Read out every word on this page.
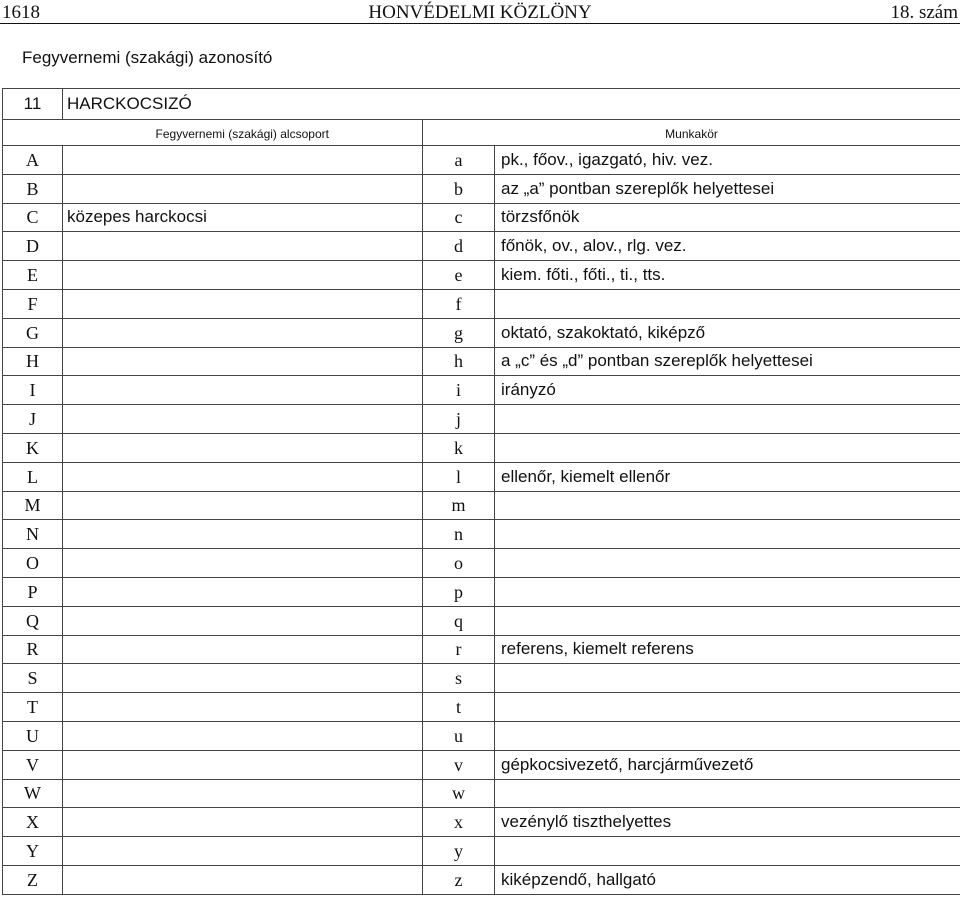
1618	HONVÉDELMI KÖZLÖNY	18. szám
Fegyvernemi (szakági) azonosító
11	HARCKOCSIZÓ		
	Fegyvernemi (szakági) alcsoport	Munkakör	
A		a	pk., főov., igazgató, hiv. vez.
B		b	az „a” pontban szereplők helyettesei
C	közepes harckocsi	c	törzsfőnök
D		d	főnök, ov., alov., rlg. vez.
E		e	kiem. főti., főti., ti., tts.
F		f	
G		g	oktató, szakoktató, kiképző
H		h	a „c” és „d” pontban szereplők helyettesei
I		i	irányzó
J		j	
K		k	
L		l	ellenőr, kiemelt ellenőr
M		m	
N		n	
O		o	
P		p	
Q		q	
R		r	referens, kiemelt referens
S		s	
T		t	
U		u	
V		v	gépkocsivezető, harcjárművezető
W		w	
X		x	vezénylő tiszthelyettes
Y		y	
Z		z	kiképzendő, hallgató
